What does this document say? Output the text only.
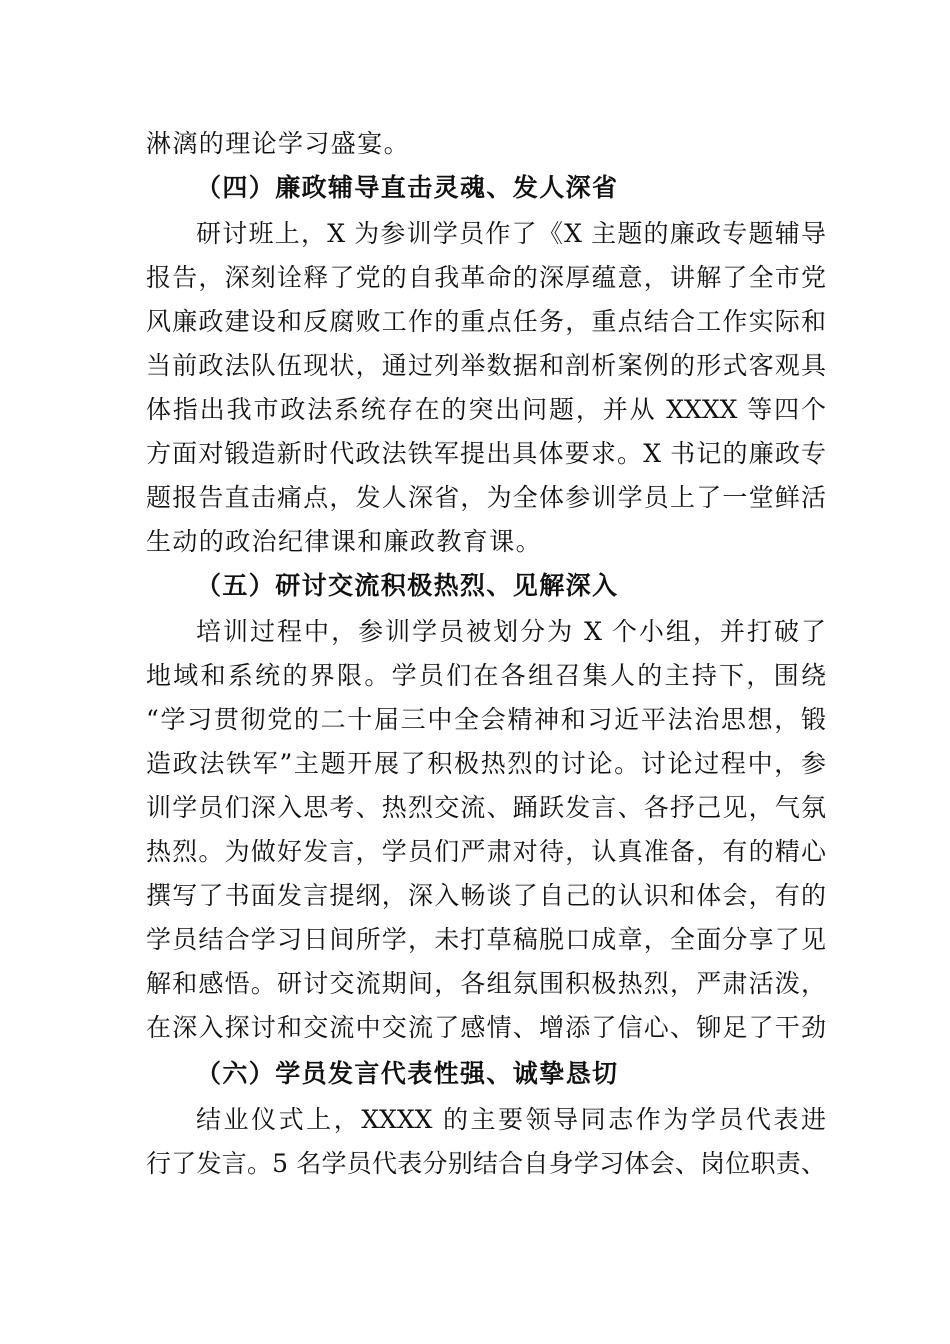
淋漓的理论学习盛宴。
（四）廉政辅导直击灵魂、发人深省
研讨班上，X 为参训学员作了《X 主题的廉政专题辅导
报告，深刻诠释了党的自我革命的深厚蕴意，讲解了全市党
风廉政建设和反腐败工作的重点任务，重点结合工作实际和
当前政法队伍现状，通过列举数据和剖析案例的形式客观具
体指出我市政法系统存在的突出问题，并从 XXXX 等四个
方面对锻造新时代政法铁军提出具体要求。X 书记的廉政专
题报告直击痛点，发人深省，为全体参训学员上了一堂鲜活
生动的政治纪律课和廉政教育课。
（五）研讨交流积极热烈、见解深入
培训过程中，参训学员被划分为 X 个小组，并打破了
地域和系统的界限。学员们在各组召集人的主持下，围绕
“学习贯彻党的二十届三中全会精神和习近平法治思想，锻
造政法铁军”主题开展了积极热烈的讨论。讨论过程中，参
训学员们深入思考、热烈交流、踊跃发言、各抒己见，气氛
热烈。为做好发言，学员们严肃对待，认真准备，有的精心
撰写了书面发言提纲，深入畅谈了自己的认识和体会，有的
学员结合学习日间所学，未打草稿脱口成章，全面分享了见
解和感悟。研讨交流期间，各组氛围积极热烈，严肃活泼，
在深入探讨和交流中交流了感情、增添了信心、铆足了干劲
（六）学员发言代表性强、诚挚恳切
结业仪式上，XXXX 的主要领导同志作为学员代表进
行了发言。5 名学员代表分别结合自身学习体会、岗位职责、
